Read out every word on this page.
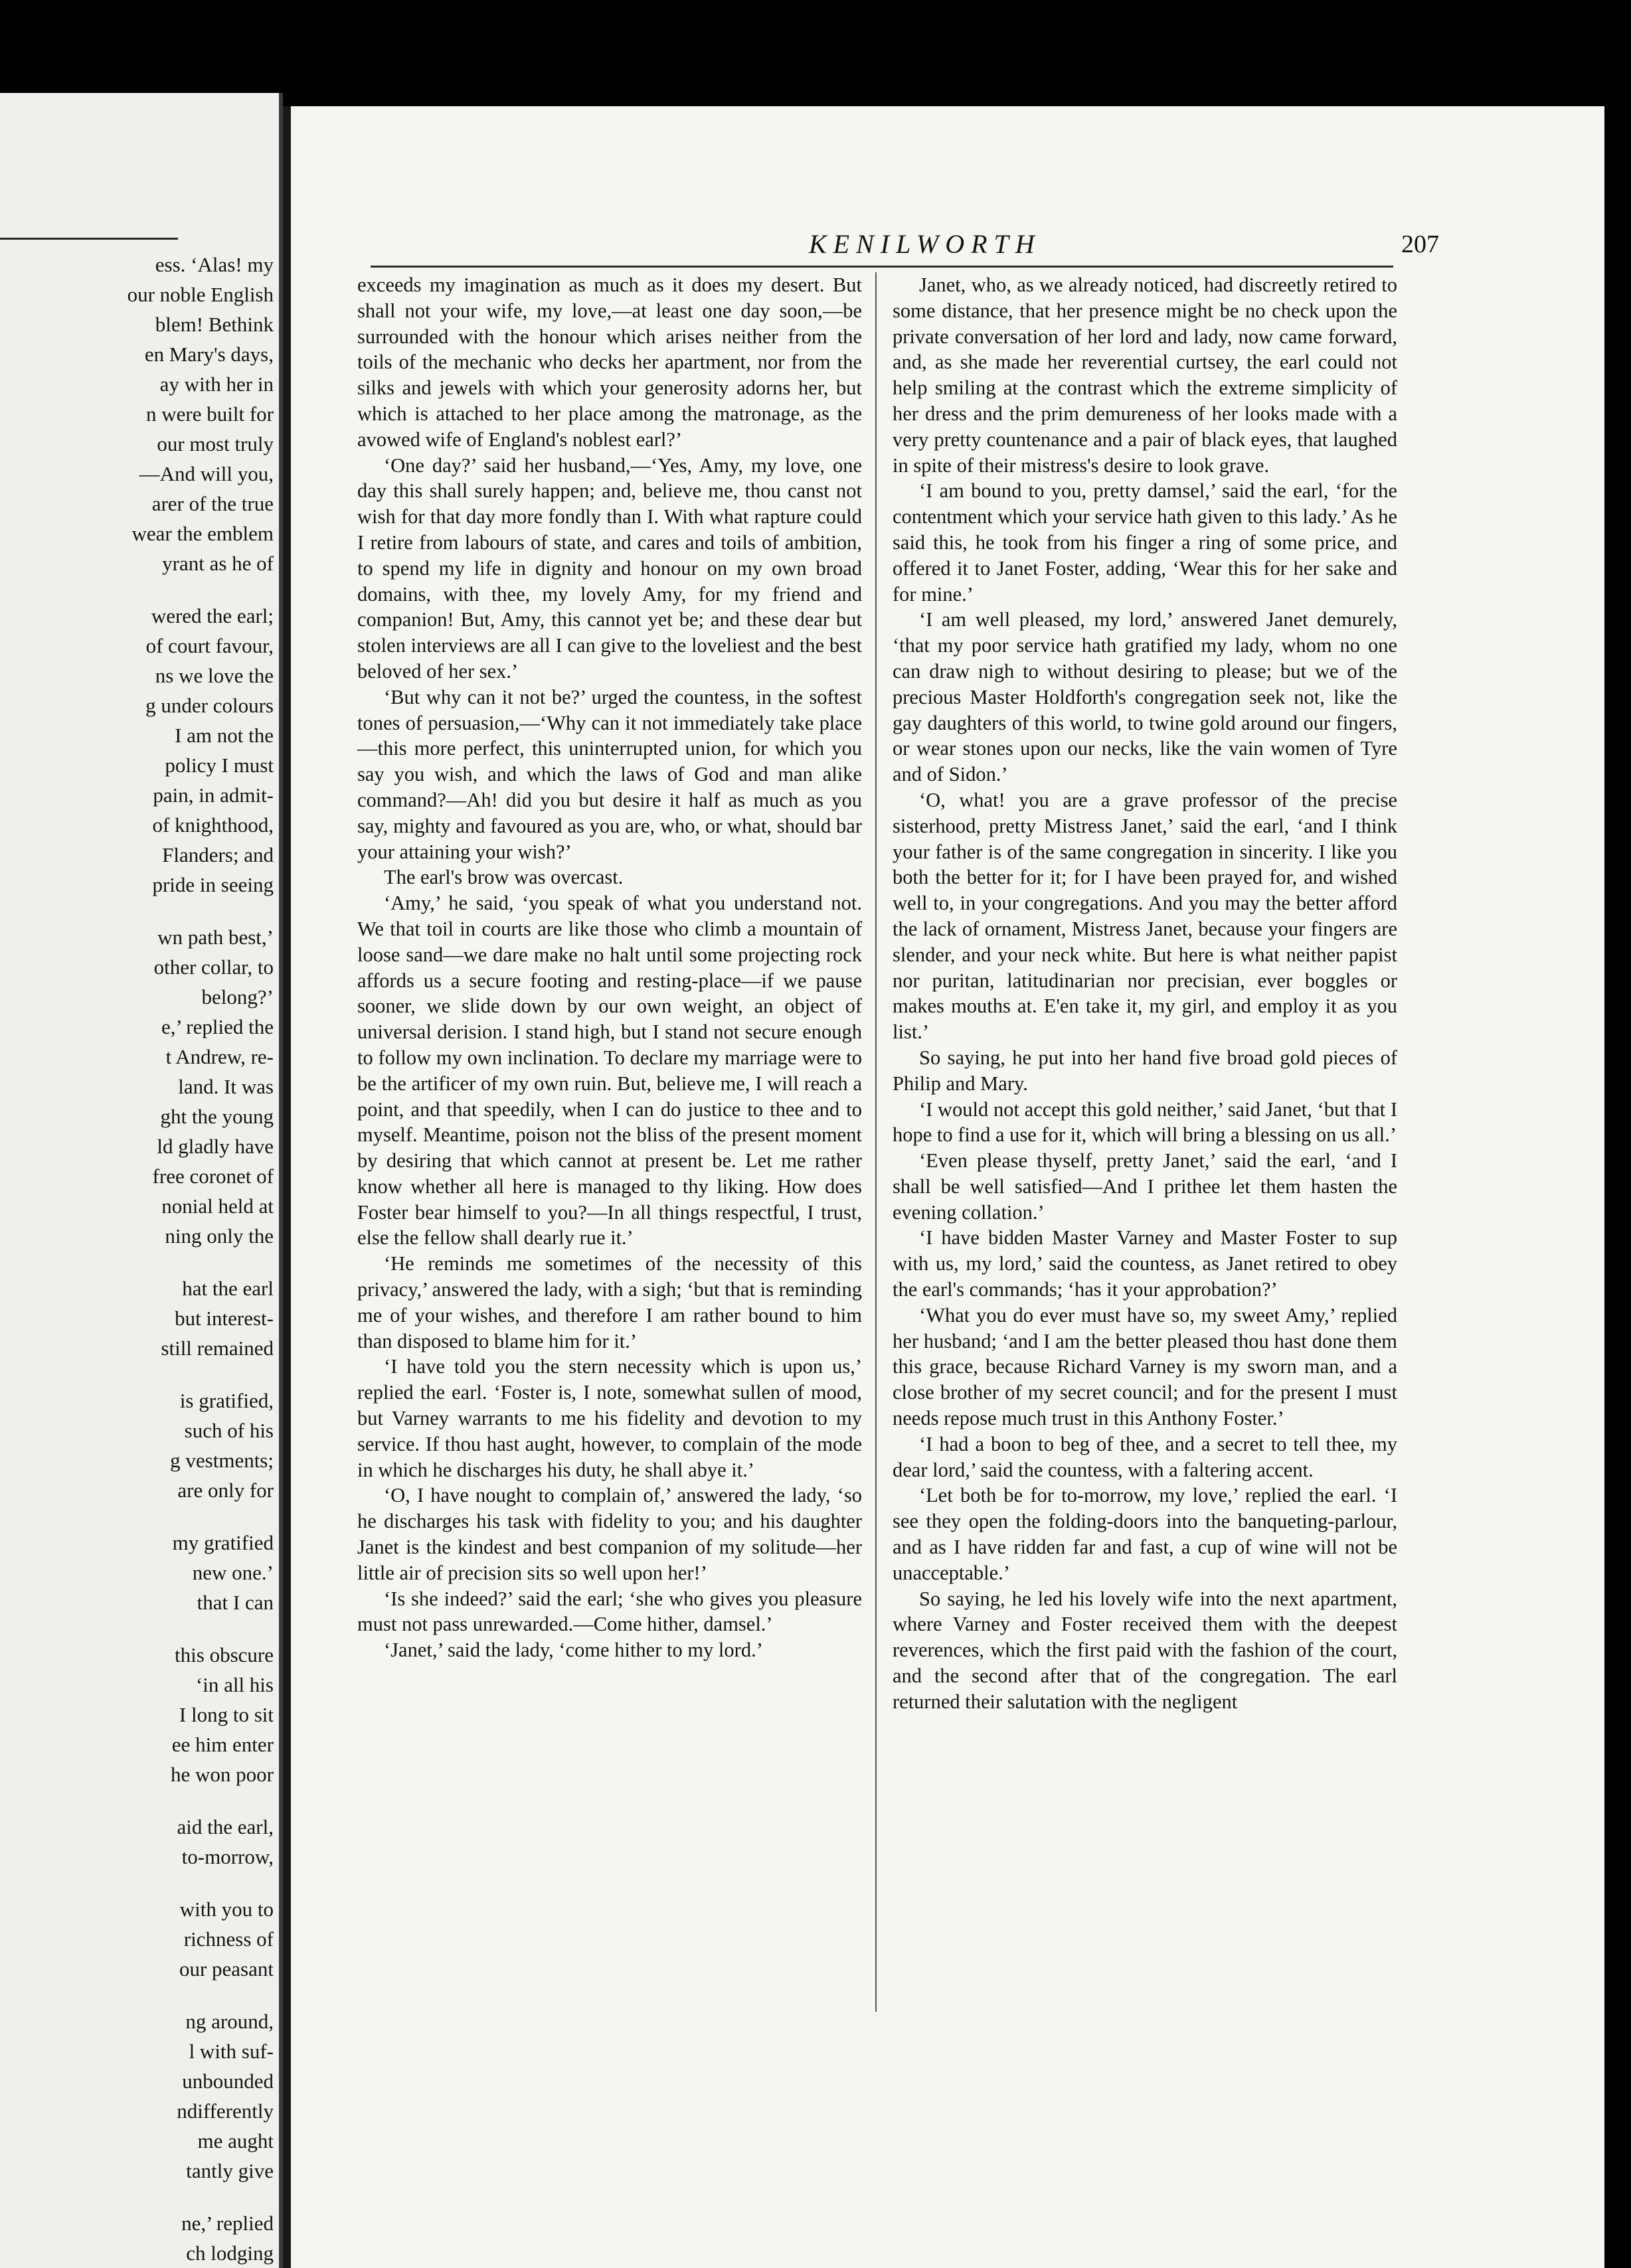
ess. ‘Alas! my
our noble English
blem! Bethink
en Mary's days,
ay with her in
n were built for
our most truly
—And will you,
arer of the true
wear the emblem
yrant as he of
wered the earl;
of court favour,
ns we love the
g under colours
I am not the
policy I must
pain, in admit-
of knighthood,
Flanders; and
pride in seeing
wn path best,’
other collar, to
belong?’
e,’ replied the
t Andrew, re-
land. It was
ght the young
ld gladly have
free coronet of
nonial held at
ning only the
hat the earl
but interest-
still remained
is gratified,
such of his
g vestments;
are only for
my gratified
new one.’
that I can
this obscure
‘in all his
I long to sit
ee him enter
he won poor
aid the earl,
to-morrow,
with you to
richness of
our peasant
ng around,
l with suf-
unbounded
ndifferently
me aught
tantly give
ne,’ replied
ch lodging
KENILWORTH	207

exceeds my imagination as much as it does my desert. But shall not your wife, my love,—at least one day soon,—be surrounded with the honour which arises neither from the toils of the mechanic who decks her apartment, nor from the silks and jewels with which your generosity adorns her, but which is attached to her place among the matronage, as the avowed wife of England's noblest earl?’

‘One day?’ said her husband,—‘Yes, Amy, my love, one day this shall surely happen; and, believe me, thou canst not wish for that day more fondly than I. With what rapture could I retire from labours of state, and cares and toils of ambition, to spend my life in dignity and honour on my own broad domains, with thee, my lovely Amy, for my friend and companion! But, Amy, this cannot yet be; and these dear but stolen interviews are all I can give to the loveliest and the best beloved of her sex.’

‘But why can it not be?’ urged the countess, in the softest tones of persuasion,—‘Why can it not immediately take place—this more perfect, this uninterrupted union, for which you say you wish, and which the laws of God and man alike command?—Ah! did you but desire it half as much as you say, mighty and favoured as you are, who, or what, should bar your attaining your wish?’

The earl's brow was overcast.

‘Amy,’ he said, ‘you speak of what you understand not. We that toil in courts are like those who climb a mountain of loose sand—we dare make no halt until some projecting rock affords us a secure footing and resting-place—if we pause sooner, we slide down by our own weight, an object of universal derision. I stand high, but I stand not secure enough to follow my own inclination. To declare my marriage were to be the artificer of my own ruin. But, believe me, I will reach a point, and that speedily, when I can do justice to thee and to myself. Meantime, poison not the bliss of the present moment by desiring that which cannot at present be. Let me rather know whether all here is managed to thy liking. How does Foster bear himself to you?—In all things respectful, I trust, else the fellow shall dearly rue it.’

‘He reminds me sometimes of the necessity of this privacy,’ answered the lady, with a sigh; ‘but that is reminding me of your wishes, and therefore I am rather bound to him than disposed to blame him for it.’

‘I have told you the stern necessity which is upon us,’ replied the earl. ‘Foster is, I note, somewhat sullen of mood, but Varney warrants to me his fidelity and devotion to my service. If thou hast aught, however, to complain of the mode in which he discharges his duty, he shall abye it.’

‘O, I have nought to complain of,’ answered the lady, ‘so he discharges his task with fidelity to you; and his daughter Janet is the kindest and best companion of my solitude—her little air of precision sits so well upon her!’

‘Is she indeed?’ said the earl; ‘she who gives you pleasure must not pass unrewarded.—Come hither, damsel.’

‘Janet,’ said the lady, ‘come hither to my lord.’

Janet, who, as we already noticed, had discreetly retired to some distance, that her presence might be no check upon the private conversation of her lord and lady, now came forward, and, as she made her reverential curtsey, the earl could not help smiling at the contrast which the extreme simplicity of her dress and the prim demureness of her looks made with a very pretty countenance and a pair of black eyes, that laughed in spite of their mistress's desire to look grave.

‘I am bound to you, pretty damsel,’ said the earl, ‘for the contentment which your service hath given to this lady.’ As he said this, he took from his finger a ring of some price, and offered it to Janet Foster, adding, ‘Wear this for her sake and for mine.’

‘I am well pleased, my lord,’ answered Janet demurely, ‘that my poor service hath gratified my lady, whom no one can draw nigh to without desiring to please; but we of the precious Master Holdforth's congregation seek not, like the gay daughters of this world, to twine gold around our fingers, or wear stones upon our necks, like the vain women of Tyre and of Sidon.’

‘O, what! you are a grave professor of the precise sisterhood, pretty Mistress Janet,’ said the earl, ‘and I think your father is of the same congregation in sincerity. I like you both the better for it; for I have been prayed for, and wished well to, in your congregations. And you may the better afford the lack of ornament, Mistress Janet, because your fingers are slender, and your neck white. But here is what neither papist nor puritan, latitudinarian nor precisian, ever boggles or makes mouths at. E'en take it, my girl, and employ it as you list.’

So saying, he put into her hand five broad gold pieces of Philip and Mary.

‘I would not accept this gold neither,’ said Janet, ‘but that I hope to find a use for it, which will bring a blessing on us all.’

‘Even please thyself, pretty Janet,’ said the earl, ‘and I shall be well satisfied—And I prithee let them hasten the evening collation.’

‘I have bidden Master Varney and Master Foster to sup with us, my lord,’ said the countess, as Janet retired to obey the earl's commands; ‘has it your approbation?’

‘What you do ever must have so, my sweet Amy,’ replied her husband; ‘and I am the better pleased thou hast done them this grace, because Richard Varney is my sworn man, and a close brother of my secret council; and for the present I must needs repose much trust in this Anthony Foster.’

‘I had a boon to beg of thee, and a secret to tell thee, my dear lord,’ said the countess, with a faltering accent.

‘Let both be for to-morrow, my love,’ replied the earl. ‘I see they open the folding-doors into the banqueting-parlour, and as I have ridden far and fast, a cup of wine will not be unacceptable.’

So saying, he led his lovely wife into the next apartment, where Varney and Foster received them with the deepest reverences, which the first paid with the fashion of the court, and the second after that of the congregation. The earl returned their salutation with the negligent
